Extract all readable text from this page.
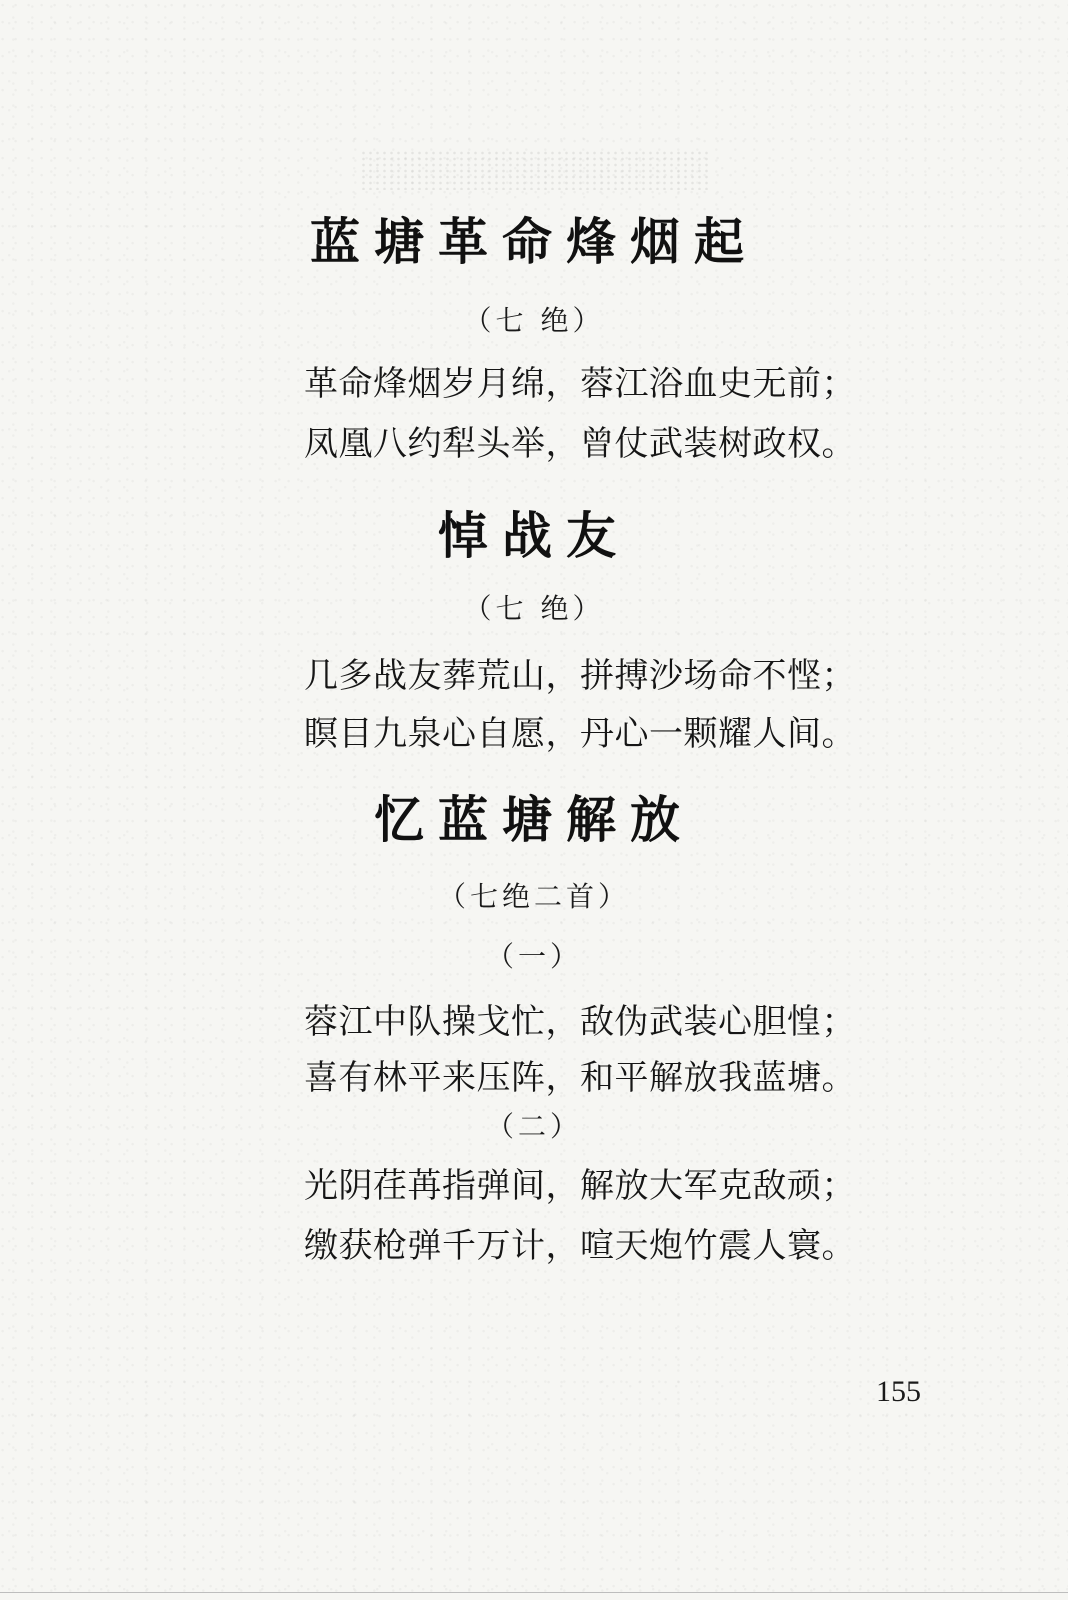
蓝塘革命烽烟起
（七 绝）
革命烽烟岁月绵，蓉江浴血史无前；
凤凰八约犁头举，曾仗武装树政权。
悼战友
（七 绝）
几多战友葬荒山，拼搏沙场命不悭；
瞑目九泉心自愿，丹心一颗耀人间。
忆蓝塘解放
（七绝二首）
（一）
蓉江中队操戈忙，敌伪武装心胆惶；
喜有林平来压阵，和平解放我蓝塘。
（二）
光阴荏苒指弹间，解放大军克敌顽；
缴获枪弹千万计，喧天炮竹震人寰。
155
